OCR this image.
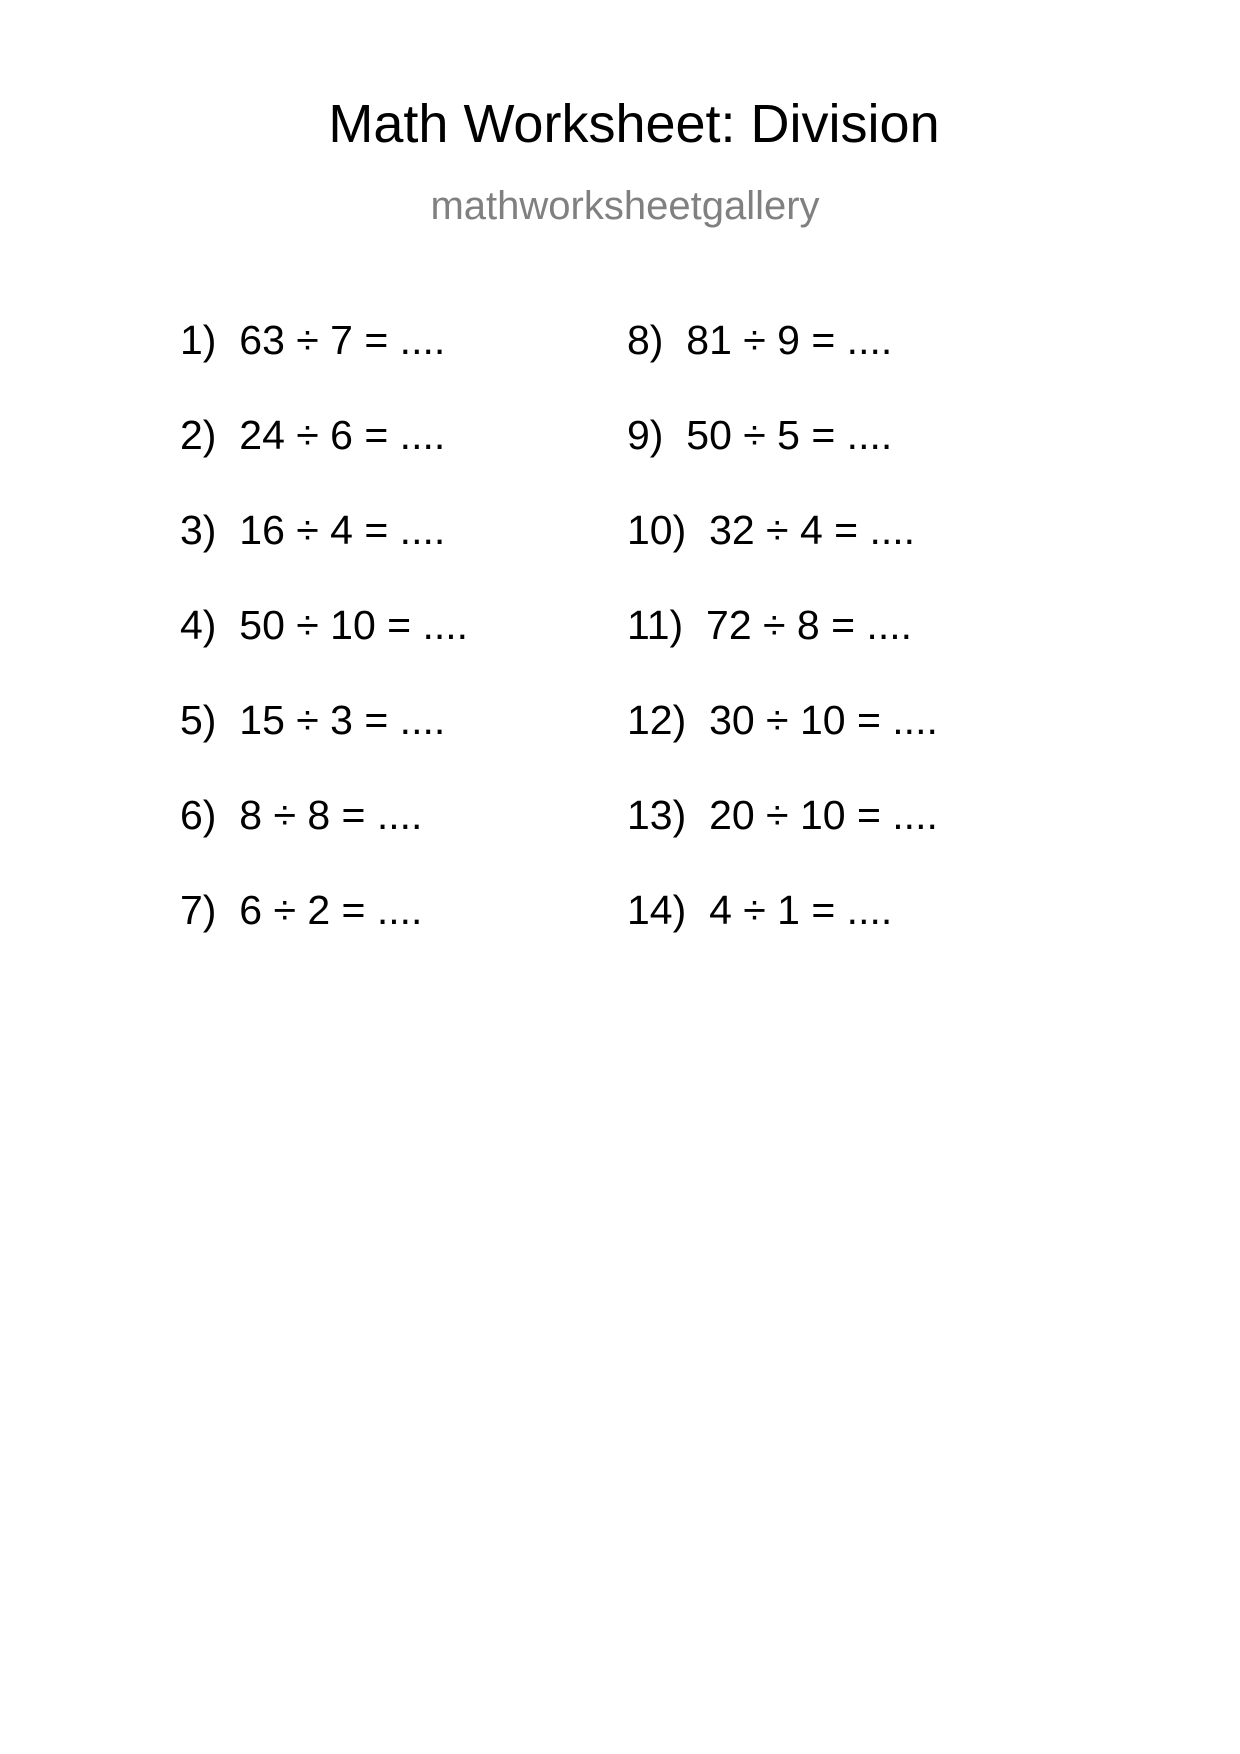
Math Worksheet: Division
mathworksheetgallery
1) 63 ÷ 7 = ....
2) 24 ÷ 6 = ....
3) 16 ÷ 4 = ....
4) 50 ÷ 10 = ....
5) 15 ÷ 3 = ....
6) 8 ÷ 8 = ....
7) 6 ÷ 2 = ....
8) 81 ÷ 9 = ....
9) 50 ÷ 5 = ....
10) 32 ÷ 4 = ....
11) 72 ÷ 8 = ....
12) 30 ÷ 10 = ....
13) 20 ÷ 10 = ....
14) 4 ÷ 1 = ....
